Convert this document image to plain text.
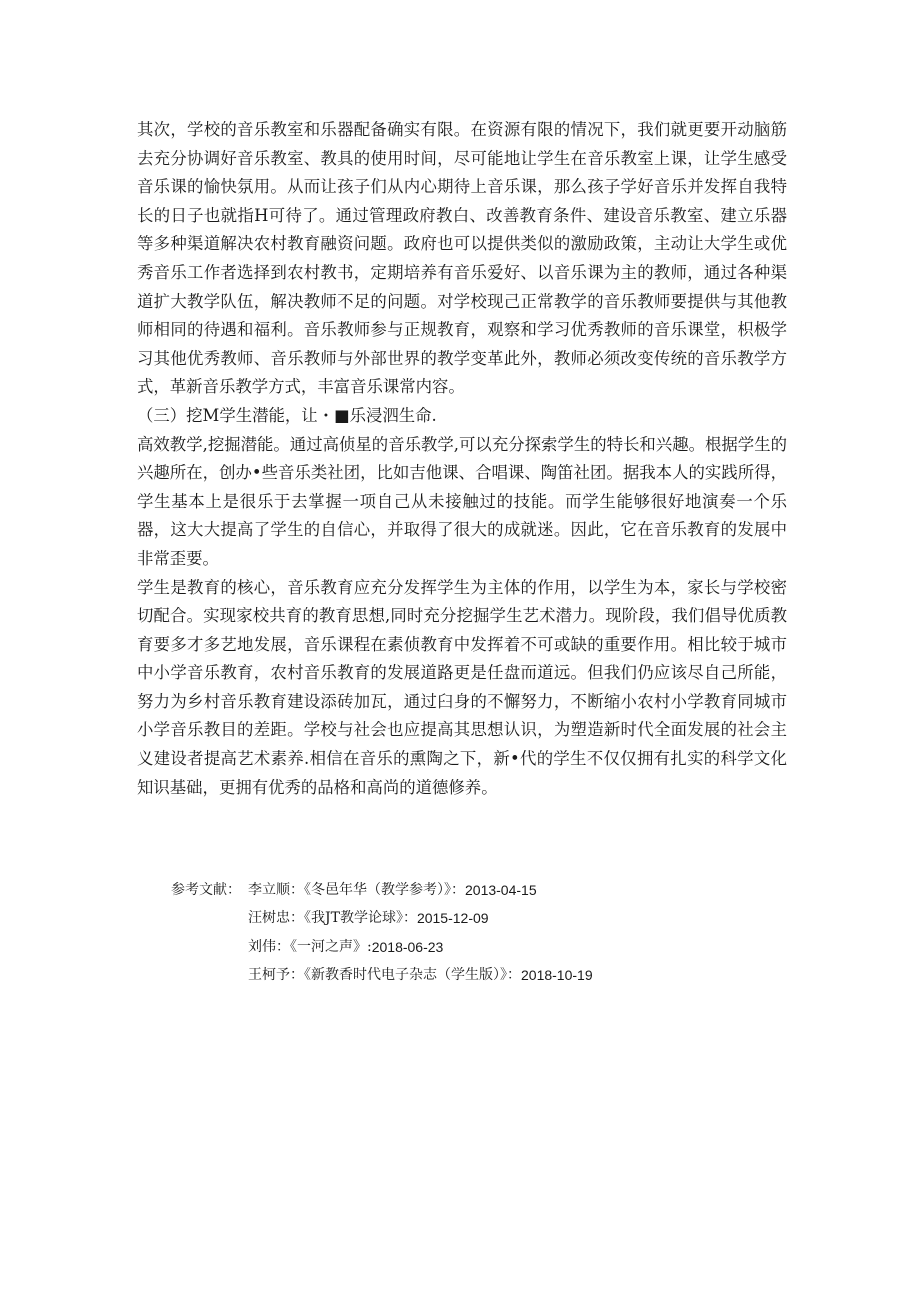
其次，学校的音乐教室和乐器配备确实有限。在资源有限的情况下，我们就更要开动脑筋去充分协调好音乐教室、教具的使用时间，尽可能地让学生在音乐教室上课，让学生感受音乐课的愉快氛用。从而让孩子们从内心期待上音乐课，那么孩子学好音乐并发挥自我特长的日子也就指H可待了。通过管理政府教白、改善教育条件、建设音乐教室、建立乐器等多种渠道解决农村教育融资问题。政府也可以提供类似的激励政策，主动让大学生或优秀音乐工作者选择到农村教书，定期培养有音乐爱好、以音乐课为主的教师，通过各种渠道扩大教学队伍，解决教师不足的问题。对学校现己正常教学的音乐教师要提供与其他教师相同的待遇和福利。音乐教师参与正规教育，观察和学习优秀教师的音乐课堂，枳极学习其他优秀教师、音乐教师与外部世界的教学变革此外，教师必须改变传统的音乐教学方式，革新音乐教学方式，丰富音乐课常内容。

（三）挖M学生潜能，让・■乐浸泗生命.

高效教学,挖掘潜能。通过高侦星的音乐教学,可以充分探索学生的特长和兴趣。根据学生的兴趣所在，创办•些音乐类社团，比如吉他课、合唱课、陶笛社团。据我本人的实践所得，学生基本上是很乐于去掌握一项自己从未接触过的技能。而学生能够很好地演奏一个乐器，这大大提高了学生的自信心，并取得了很大的成就迷。因此，它在音乐教育的发展中非常歪要。

学生是教育的核心，音乐教育应充分发挥学生为主体的作用，以学生为本，家长与学校密切配合。实现家校共育的教育思想,同时充分挖掘学生艺术潜力。现阶段，我们倡导优质教育要多才多艺地发展，音乐课程在素侦教育中发挥着不可或缺的重要作用。相比较于城市中小学音乐教育，农村音乐教育的发展道路更是任盘而道远。但我们仍应该尽自己所能，努力为乡村音乐教育建设添砖加瓦，通过臼身的不懈努力，不断缩小农村小学教育同城市小学音乐教目的差距。学校与社会也应提高其思想认识，为塑造新时代全面发展的社会主义建设者提高艺术素养.相信在音乐的熏陶之下，新•代的学生不仅仅拥有扎实的科学文化知识基础，更拥有优秀的品格和高尚的道德修养。

参考文献： 李立顺：《冬邑年华（教学参考）》： 2013-04-15
汪树忠：《我JT教学论球》： 2015-12-09
刘伟：《一河之声》: 2018-06-23
王柯予：《新教香时代电子杂志（学生版）》： 2018-10-19
